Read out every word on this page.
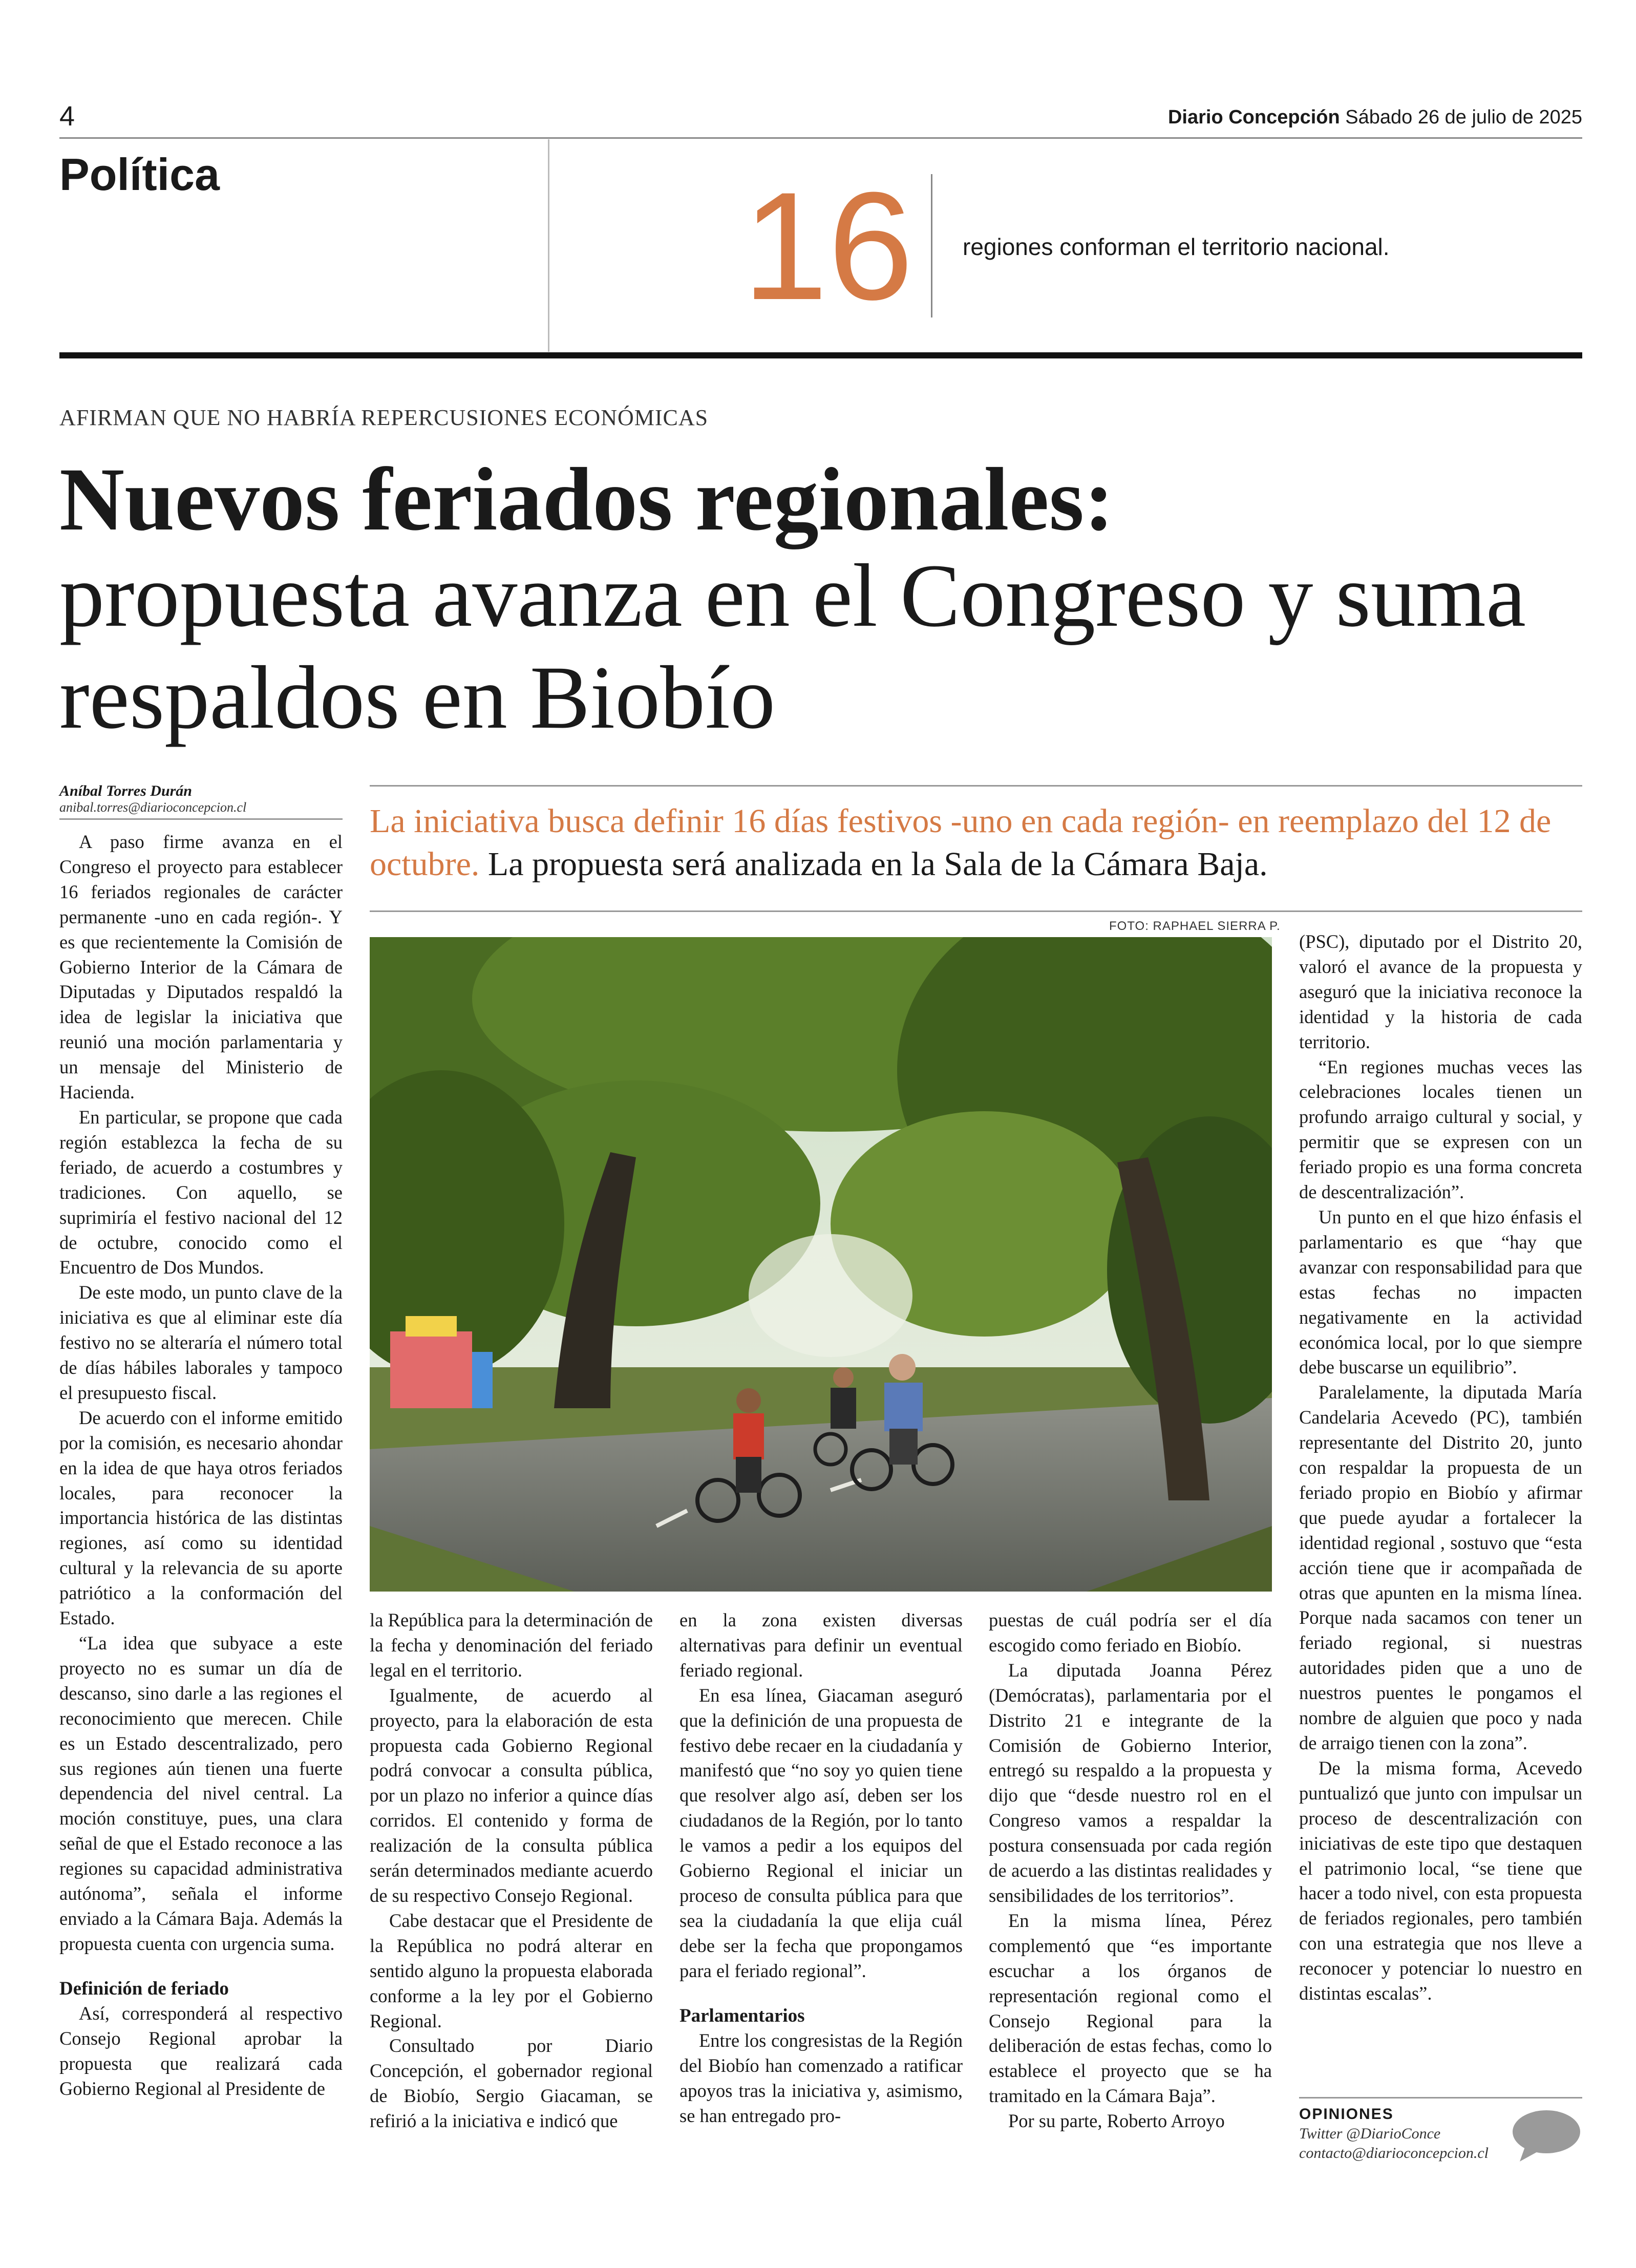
4	Diario Concepción Sábado 26 de julio de 2025
Política	16 regiones conforman el territorio nacional.
AFIRMAN QUE NO HABRÍA REPERCUSIONES ECONÓMICAS
Nuevos feriados regionales:
propuesta avanza en el Congreso y suma respaldos en Biobío
Aníbal Torres Durán
anibal.torres@diarioconcepcion.cl	La iniciativa busca definir 16 días festivos -uno en cada región- en reemplazo del 12 de octubre. La propuesta será analizada en la Sala de la Cámara Baja.
FOTO: RAPHAEL SIERRA P.

A paso firme avanza en el Congreso el proyecto para establecer 16 feriados regionales de carácter permanente -uno en cada región-. Y es que recientemente la Comisión de Gobierno Interior de la Cámara de Diputadas y Diputados respaldó la idea de legislar la iniciativa que reunió una moción parlamentaria y un mensaje del Ministerio de Hacienda.

En particular, se propone que cada región establezca la fecha de su feriado, de acuerdo a costumbres y tradiciones. Con aquello, se suprimiría el festivo nacional del 12 de octubre, conocido como el Encuentro de Dos Mundos.

De este modo, un punto clave de la iniciativa es que al eliminar este día festivo no se alteraría el número total de días hábiles laborales y tampoco el presupuesto fiscal.

De acuerdo con el informe emitido por la comisión, es necesario ahondar en la idea de que haya otros feriados locales, para reconocer la importancia histórica de las distintas regiones, así como su identidad cultural y la relevancia de su aporte patriótico a la conformación del Estado.

“La idea que subyace a este proyecto no es sumar un día de descanso, sino darle a las regiones el reconocimiento que merecen. Chile es un Estado descentralizado, pero sus regiones aún tienen una fuerte dependencia del nivel central. La moción constituye, pues, una clara señal de que el Estado reconoce a las regiones su capacidad administrativa autónoma”, señala el informe enviado a la Cámara Baja. Además la propuesta cuenta con urgencia suma.

Definición de feriado

Así, corresponderá al respectivo Consejo Regional aprobar la propuesta que realizará cada Gobierno Regional al Presidente de

la República para la determinación de la fecha y denominación del feriado legal en el territorio.

Igualmente, de acuerdo al proyecto, para la elaboración de esta propuesta cada Gobierno Regional podrá convocar a consulta pública, por un plazo no inferior a quince días corridos. El contenido y forma de realización de la consulta pública serán determinados mediante acuerdo de su respectivo Consejo Regional.

Cabe destacar que el Presidente de la República no podrá alterar en sentido alguno la propuesta elaborada conforme a la ley por el Gobierno Regional.

Consultado por Diario Concepción, el gobernador regional de Biobío, Sergio Giacaman, se refirió a la iniciativa e indicó que

en la zona existen diversas alternativas para definir un eventual feriado regional.

En esa línea, Giacaman aseguró que la definición de una propuesta de festivo debe recaer en la ciudadanía y manifestó que “no soy yo quien tiene que resolver algo así, deben ser los ciudadanos de la Región, por lo tanto le vamos a pedir a los equipos del Gobierno Regional el iniciar un proceso de consulta pública para que sea la ciudadanía la que elija cuál debe ser la fecha que propongamos para el feriado regional”.

Parlamentarios

Entre los congresistas de la Región del Biobío han comenzado a ratificar apoyos tras la iniciativa y, asimismo, se han entregado pro-

puestas de cuál podría ser el día escogido como feriado en Biobío.

La diputada Joanna Pérez (Demócratas), parlamentaria por el Distrito 21 e integrante de la Comisión de Gobierno Interior, entregó su respaldo a la propuesta y dijo que “desde nuestro rol en el Congreso vamos a respaldar la postura consensuada por cada región de acuerdo a las distintas realidades y sensibilidades de los territorios”.

En la misma línea, Pérez complementó que “es importante escuchar a los órganos de representación regional como el Consejo Regional para la deliberación de estas fechas, como lo establece el proyecto que se ha tramitado en la Cámara Baja”.

Por su parte, Roberto Arroyo

(PSC), diputado por el Distrito 20, valoró el avance de la propuesta y aseguró que la iniciativa reconoce la identidad y la historia de cada territorio.

“En regiones muchas veces las celebraciones locales tienen un profundo arraigo cultural y social, y permitir que se expresen con un feriado propio es una forma concreta de descentralización”.

Un punto en el que hizo énfasis el parlamentario es que “hay que avanzar con responsabilidad para que estas fechas no impacten negativamente en la actividad económica local, por lo que siempre debe buscarse un equilibrio”.

Paralelamente, la diputada María Candelaria Acevedo (PC), también representante del Distrito 20, junto con respaldar la propuesta de un feriado propio en Biobío y afirmar que puede ayudar a fortalecer la identidad regional , sostuvo que “esta acción tiene que ir acompañada de otras que apunten en la misma línea. Porque nada sacamos con tener un feriado regional, si nuestras autoridades piden que a uno de nuestros puentes le pongamos el nombre de alguien que poco y nada de arraigo tienen con la zona”.

De la misma forma, Acevedo puntualizó que junto con impulsar un proceso de descentralización con iniciativas de este tipo que destaquen el patrimonio local, “se tiene que hacer a todo nivel, con esta propuesta de feriados regionales, pero también con una estrategia que nos lleve a reconocer y potenciar lo nuestro en distintas escalas”.

OPINIONES
Twitter @DiarioConce
contacto@diarioconcepcion.cl
